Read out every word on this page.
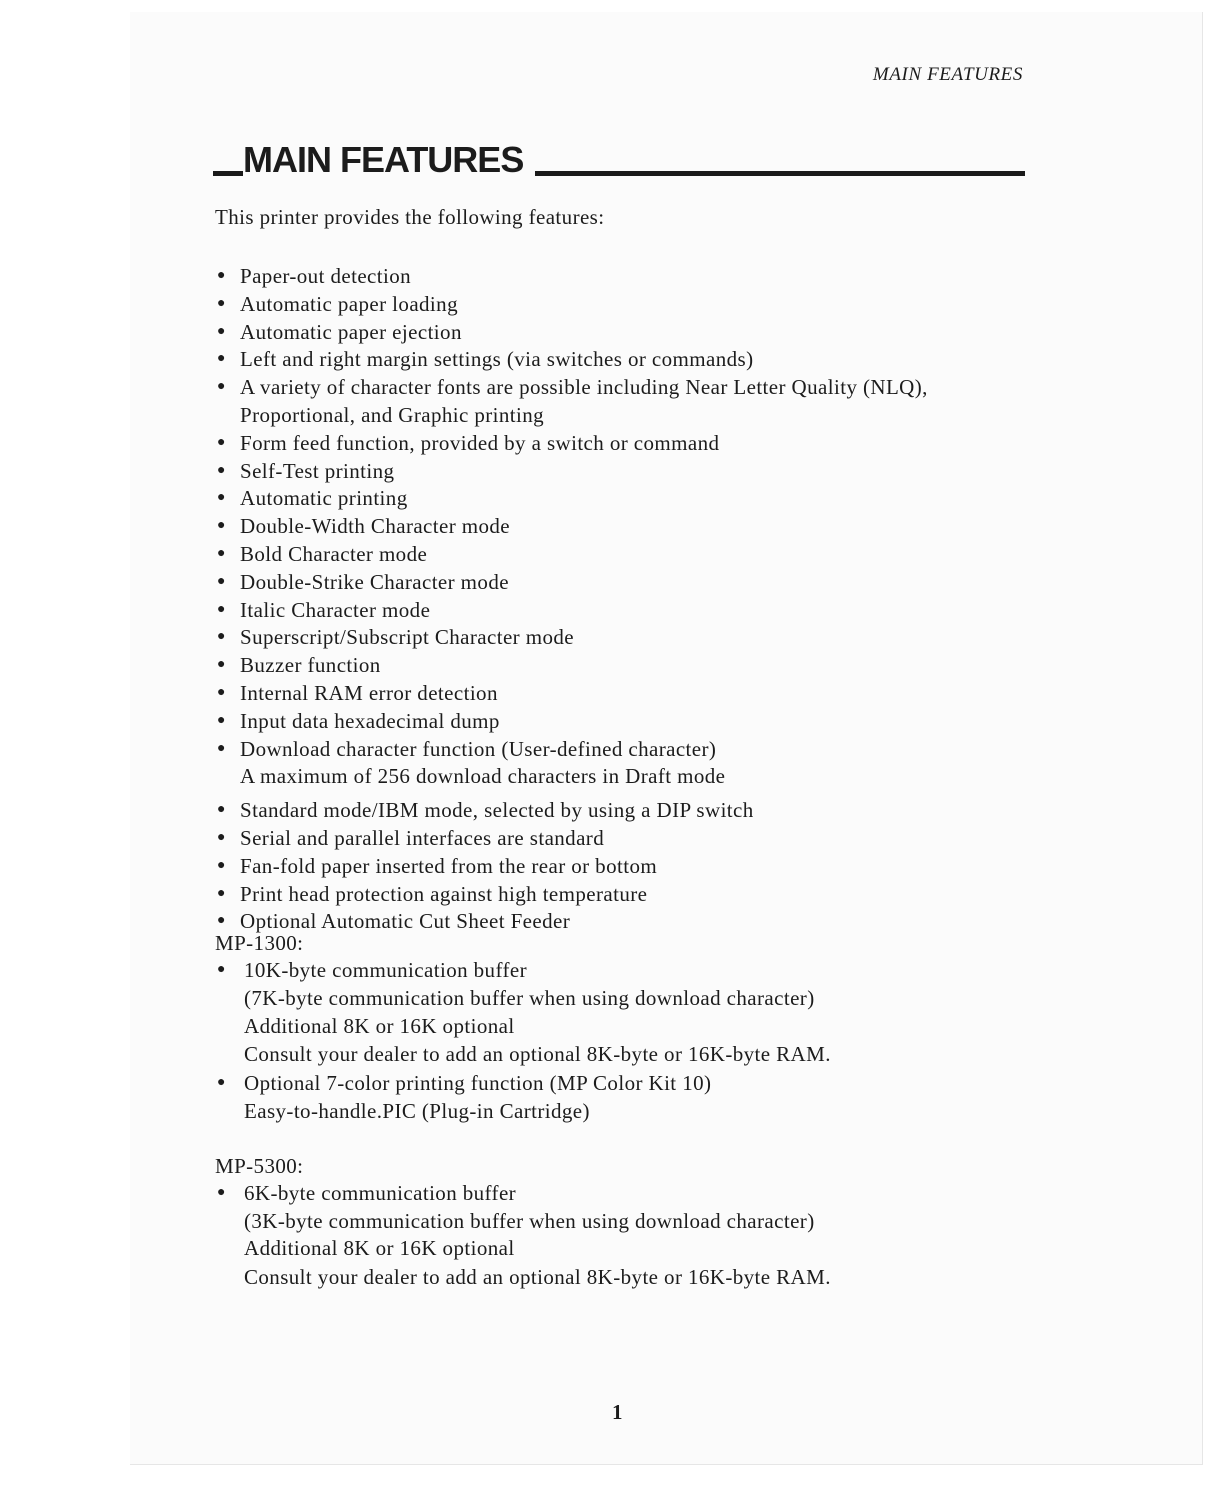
MAIN FEATURES
MAIN FEATURES
This printer provides the following features:
● Paper-out detection
● Automatic paper loading
● Automatic paper ejection
● Left and right margin settings (via switches or commands)
● A variety of character fonts are possible including Near Letter Quality (NLQ),
Proportional, and Graphic printing
● Form feed function, provided by a switch or command
● Self-Test printing
● Automatic printing
● Double-Width Character mode
● Bold Character mode
● Double-Strike Character mode
● Italic Character mode
● Superscript/Subscript Character mode
● Buzzer function
● Internal RAM error detection
● Input data hexadecimal dump
● Download character function (User-defined character)
A maximum of 256 download characters in Draft mode
● Standard mode/IBM mode, selected by using a DIP switch
● Serial and parallel interfaces are standard
● Fan-fold paper inserted from the rear or bottom
● Print head protection against high temperature
● Optional Automatic Cut Sheet Feeder
MP-1300:
● 10K-byte communication buffer
(7K-byte communication buffer when using download character)
Additional 8K or 16K optional
Consult your dealer to add an optional 8K-byte or 16K-byte RAM.
● Optional 7-color printing function (MP Color Kit 10)
Easy-to-handle.PIC (Plug-in Cartridge)
MP-5300:
● 6K-byte communication buffer
(3K-byte communication buffer when using download character)
Additional 8K or 16K optional
Consult your dealer to add an optional 8K-byte or 16K-byte RAM.
1
